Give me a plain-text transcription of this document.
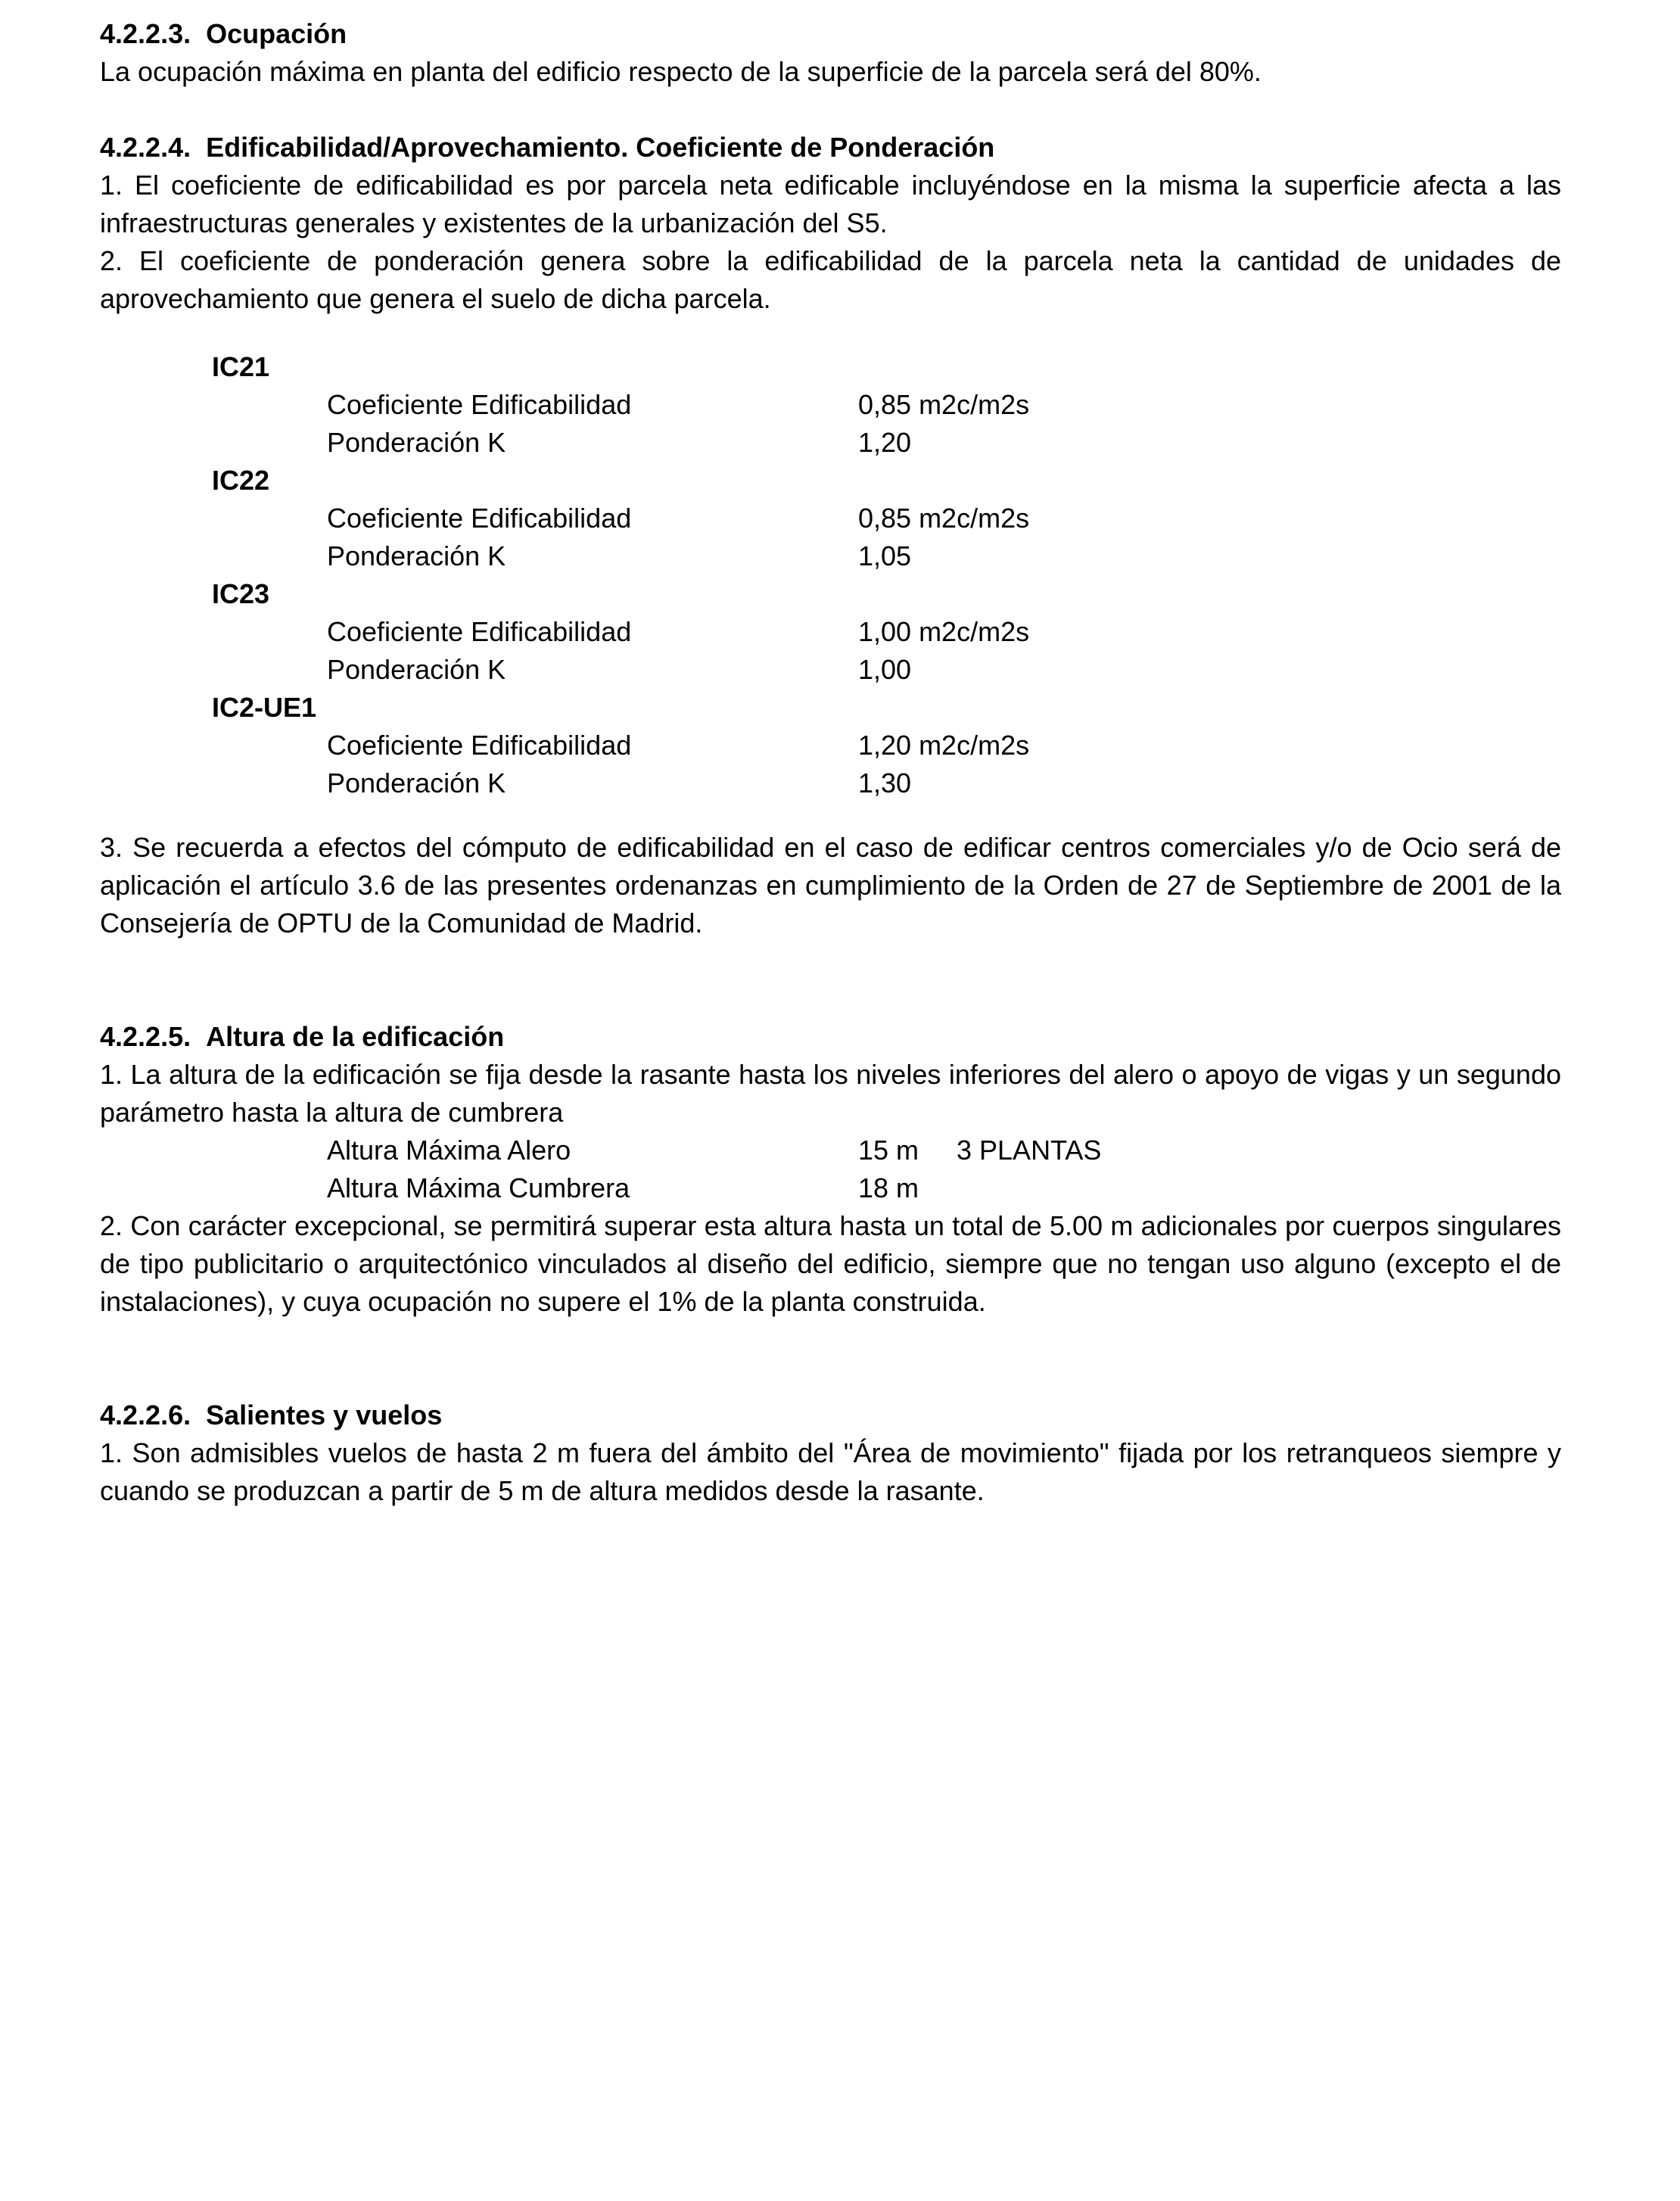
4.2.2.3. Ocupación

La ocupación máxima en planta del edificio respecto de la superficie de la parcela será del 80%.

4.2.2.4. Edificabilidad/Aprovechamiento. Coeficiente de Ponderación

1. El coeficiente de edificabilidad es por parcela neta edificable incluyéndose en la misma la superficie afecta a las infraestructuras generales y existentes de la urbanización del S5.

2. El coeficiente de ponderación genera sobre la edificabilidad de la parcela neta la cantidad de unidades de aprovechamiento que genera el suelo de dicha parcela.

IC21
Coeficiente Edificabilidad	0,85 m2c/m2s
Ponderación K	1,20
IC22
Coeficiente Edificabilidad	0,85 m2c/m2s
Ponderación K	1,05
IC23
Coeficiente Edificabilidad	1,00 m2c/m2s
Ponderación K	1,00
IC2-UE1
Coeficiente Edificabilidad	1,20 m2c/m2s
Ponderación K	1,30

3. Se recuerda a efectos del cómputo de edificabilidad en el caso de edificar centros comerciales y/o de Ocio será de aplicación el artículo 3.6 de las presentes ordenanzas en cumplimiento de la Orden de 27 de Septiembre de 2001 de la Consejería de OPTU de la Comunidad de Madrid.

4.2.2.5. Altura de la edificación

1. La altura de la edificación se fija desde la rasante hasta los niveles inferiores del alero o apoyo de vigas y un segundo parámetro hasta la altura de cumbrera

Altura Máxima Alero	15 m	3 PLANTAS
Altura Máxima Cumbrera	18 m

2. Con carácter excepcional, se permitirá superar esta altura hasta un total de 5.00 m adicionales por cuerpos singulares de tipo publicitario o arquitectónico vinculados al diseño del edificio, siempre que no tengan uso alguno (excepto el de instalaciones), y cuya ocupación no supere el 1% de la planta construida.

4.2.2.6. Salientes y vuelos

1. Son admisibles vuelos de hasta 2 m fuera del ámbito del "Área de movimiento" fijada por los retranqueos siempre y cuando se produzcan a partir de 5 m de altura medidos desde la rasante.
